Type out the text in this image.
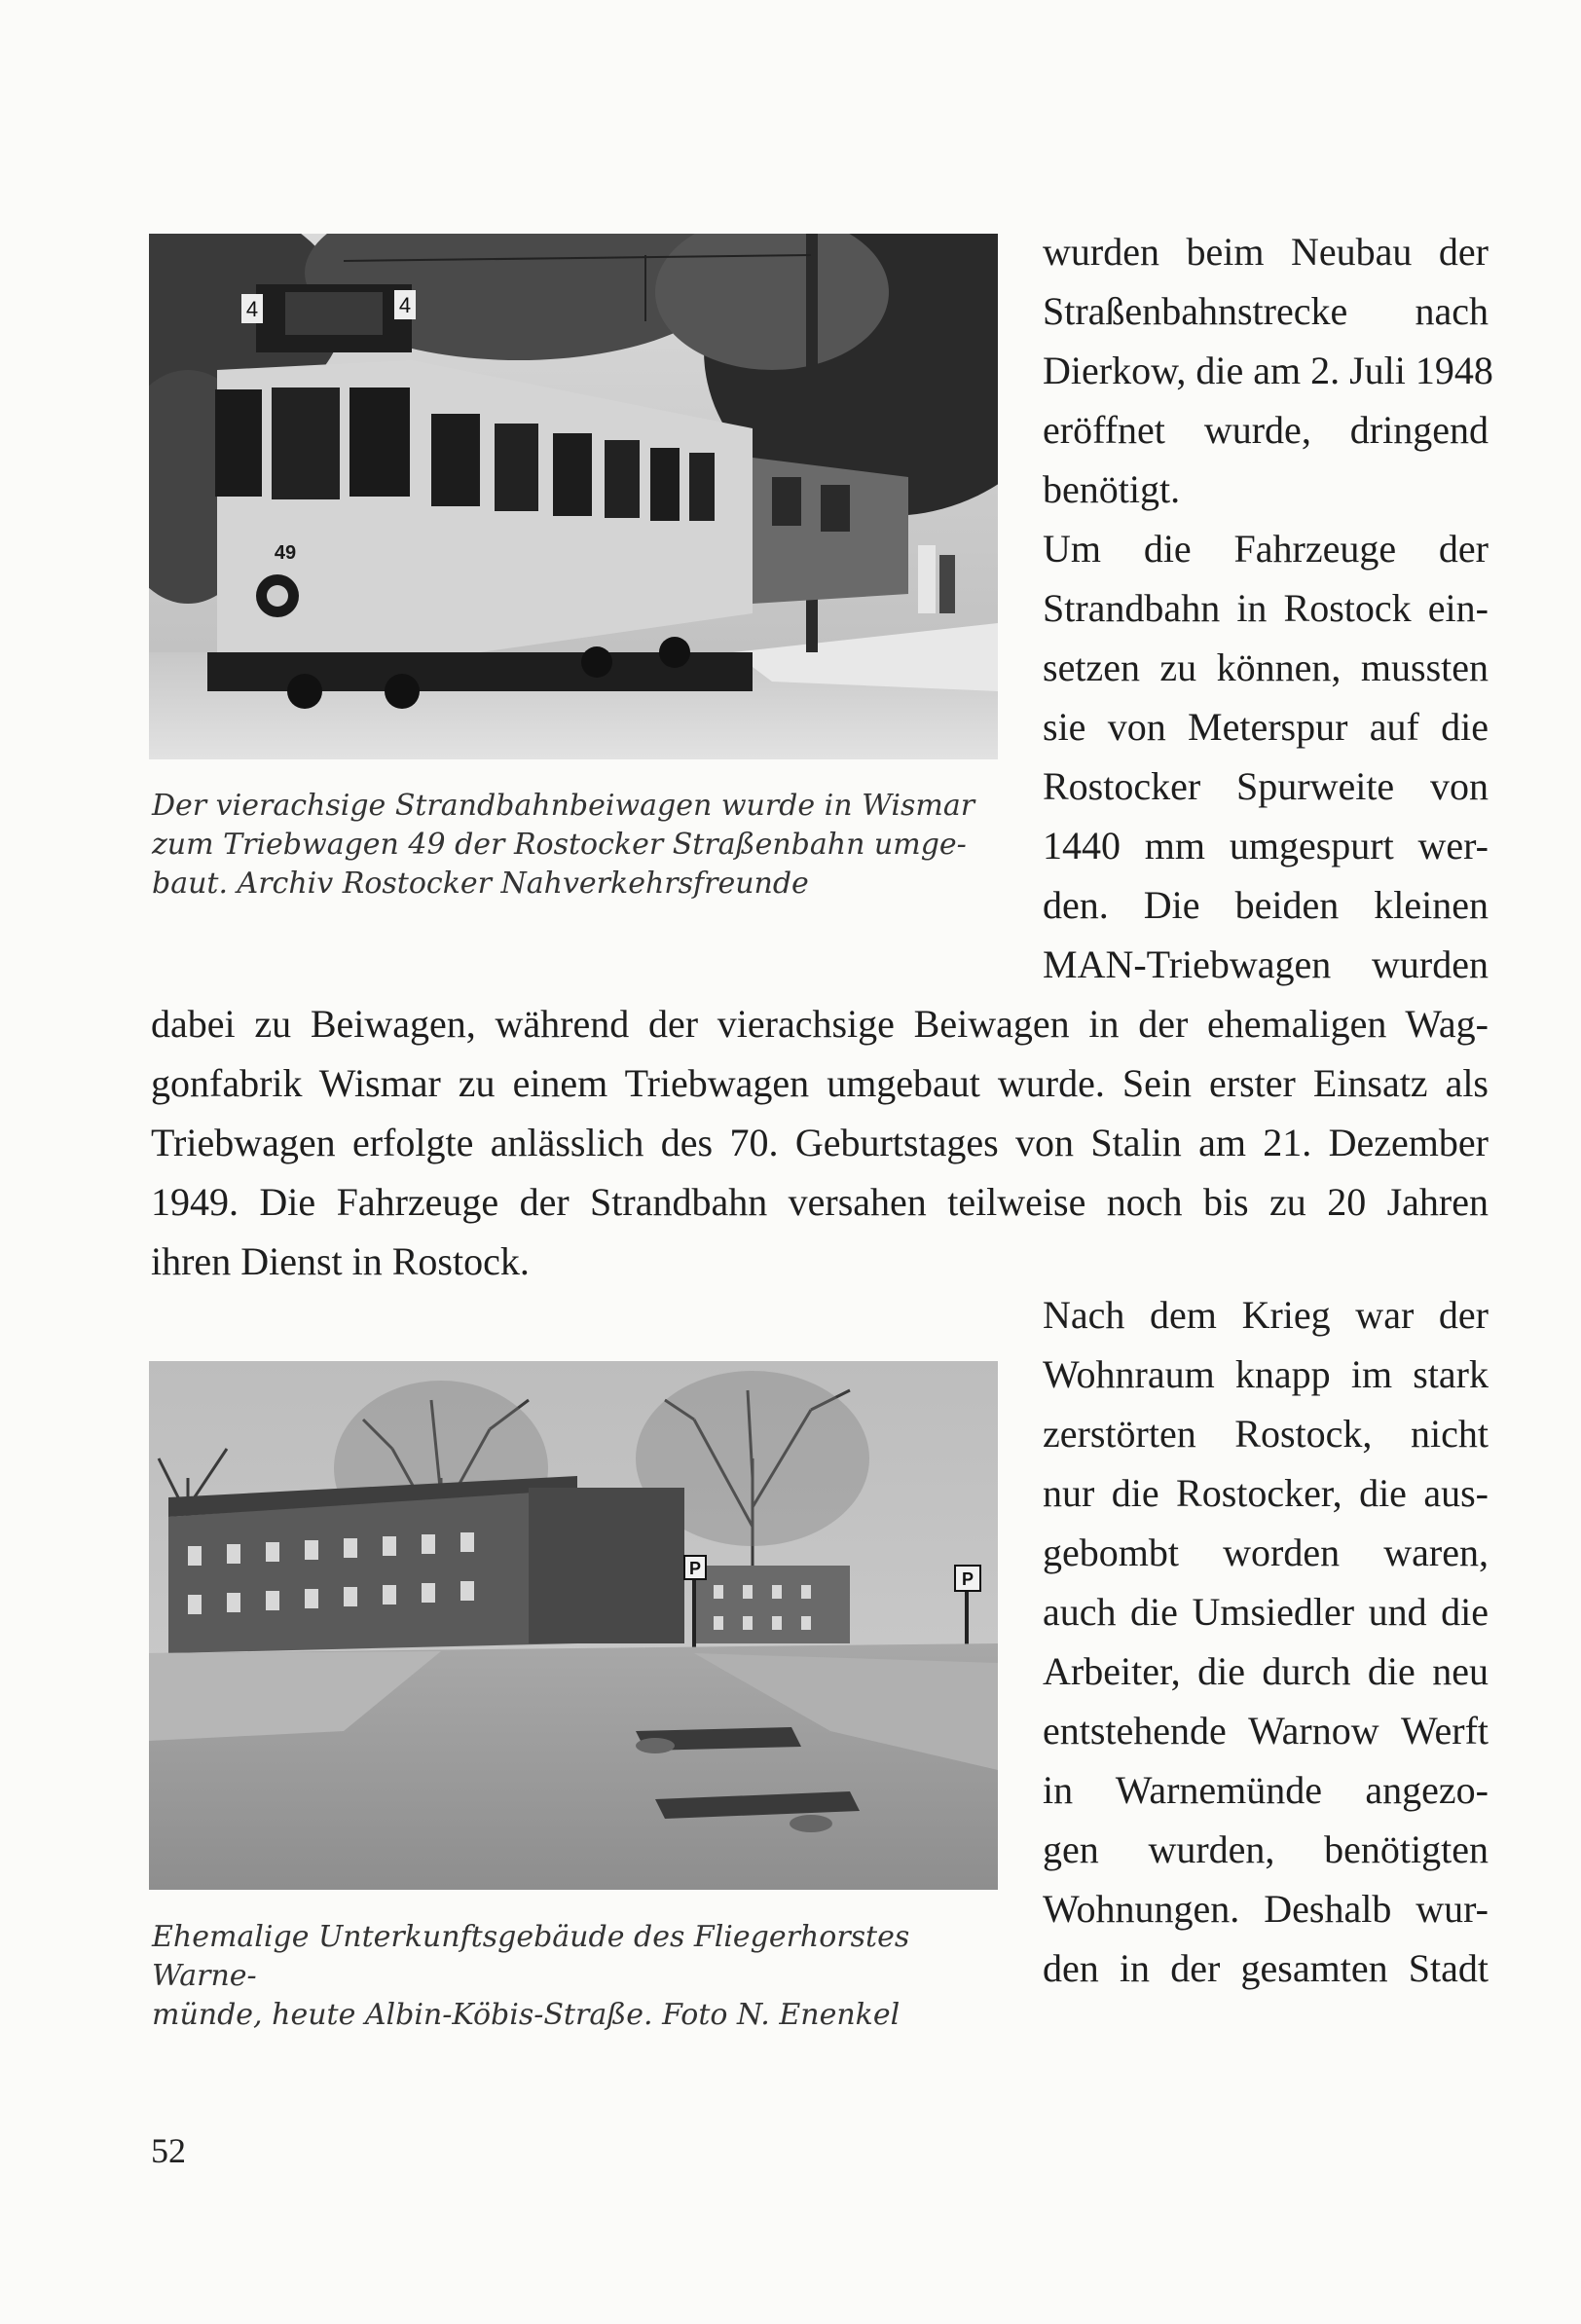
4	4
49
Der vierachsige Strandbahnbeiwagen wurde in Wismar
zum Triebwagen 49 der Rostocker Straßenbahn umge-
baut. Archiv Rostocker Nahverkehrsfreunde
wurden beim Neubau der
Straßenbahnstrecke nach
Dierkow, die am 2. Juli 1948
eröffnet wurde, dringend
benötigt.
Um die Fahrzeuge der
Strandbahn in Rostock ein-
setzen zu können, mussten
sie von Meterspur auf die
Rostocker Spurweite von
1440 mm umgespurt wer-
den. Die beiden kleinen
MAN-Triebwagen wurden
dabei zu Beiwagen, während der vierachsige Beiwagen in der ehemaligen Wag-
gonfabrik Wismar zu einem Triebwagen umgebaut wurde. Sein erster Einsatz als
Triebwagen erfolgte anlässlich des 70. Geburtstages von Stalin am 21. Dezember
1949. Die Fahrzeuge der Strandbahn versahen teilweise noch bis zu 20 Jahren
ihren Dienst in Rostock.
P
P
Ehemalige Unterkunftsgebäude des Fliegerhorstes Warne-
münde, heute Albin-Köbis-Straße. Foto N. Enenkel
Nach dem Krieg war der
Wohnraum knapp im stark
zerstörten Rostock, nicht
nur die Rostocker, die aus-
gebombt worden waren,
auch die Umsiedler und die
Arbeiter, die durch die neu
entstehende Warnow Werft
in Warnemünde angezo-
gen wurden, benötigten
Wohnungen. Deshalb wur-
den in der gesamten Stadt
52
